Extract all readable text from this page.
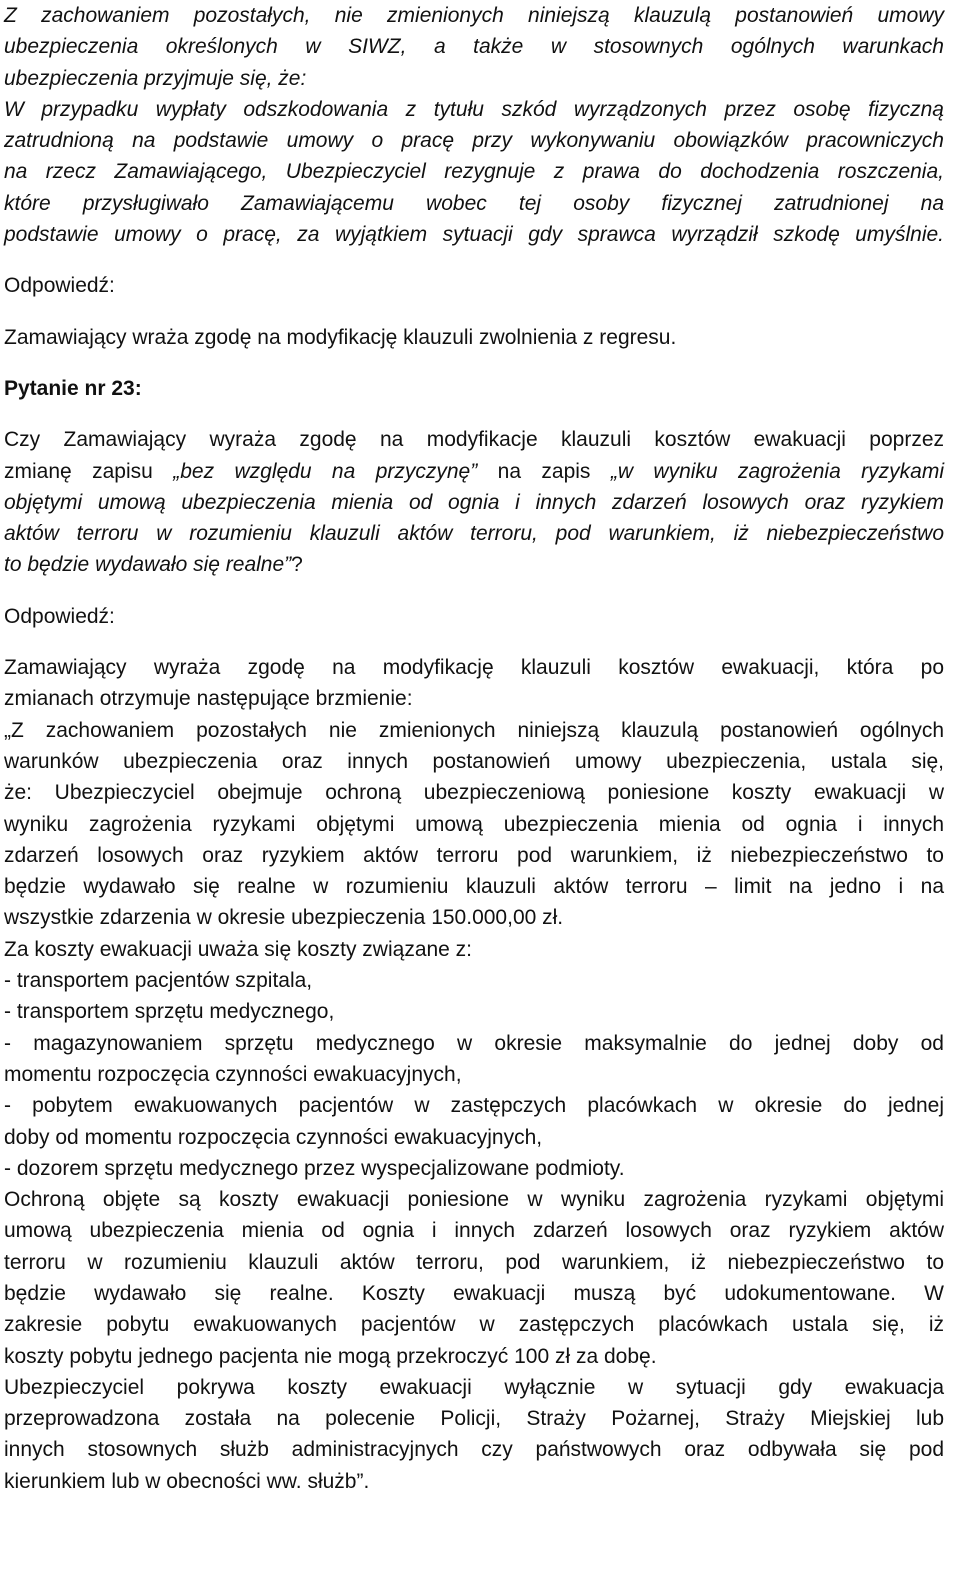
Z zachowaniem pozostałych, nie zmienionych niniejszą klauzulą postanowień umowy
ubezpieczenia określonych w SIWZ, a także w stosownych ogólnych warunkach
ubezpieczenia przyjmuje się, że:
W przypadku wypłaty odszkodowania z tytułu szkód wyrządzonych przez osobę fizyczną
zatrudnioną na podstawie umowy o pracę przy wykonywaniu obowiązków pracowniczych
na rzecz Zamawiającego, Ubezpieczyciel rezygnuje z prawa do dochodzenia roszczenia,
które przysługiwało Zamawiającemu wobec tej osoby fizycznej zatrudnionej na
podstawie umowy o pracę, za wyjątkiem sytuacji gdy sprawca wyrządził szkodę umyślnie.
Odpowiedź:
Zamawiający wraża zgodę na modyfikację klauzuli zwolnienia z regresu.
Pytanie nr 23:
Czy Zamawiający wyraża zgodę na modyfikacje klauzuli kosztów ewakuacji poprzez
zmianę zapisu „bez względu na przyczynę” na zapis „w wyniku zagrożenia ryzykami
objętymi umową ubezpieczenia mienia od ognia i innych zdarzeń losowych oraz ryzykiem
aktów terroru w rozumieniu klauzuli aktów terroru, pod warunkiem, iż niebezpieczeństwo
to będzie wydawało się realne”?
Odpowiedź:
Zamawiający wyraża zgodę na modyfikację klauzuli kosztów ewakuacji, która po
zmianach otrzymuje następujące brzmienie:
„Z zachowaniem pozostałych nie zmienionych niniejszą klauzulą postanowień ogólnych
warunków ubezpieczenia oraz innych postanowień umowy ubezpieczenia, ustala się,
że: Ubezpieczyciel obejmuje ochroną ubezpieczeniową poniesione koszty ewakuacji w
wyniku zagrożenia ryzykami objętymi umową ubezpieczenia mienia od ognia i innych
zdarzeń losowych oraz ryzykiem aktów terroru pod warunkiem, iż niebezpieczeństwo to
będzie wydawało się realne w rozumieniu klauzuli aktów terroru – limit na jedno i na
wszystkie zdarzenia w okresie ubezpieczenia 150.000,00 zł.
Za koszty ewakuacji uważa się koszty związane z:
- transportem pacjentów szpitala,
- transportem sprzętu medycznego,
- magazynowaniem sprzętu medycznego w okresie maksymalnie do jednej doby od
momentu rozpoczęcia czynności ewakuacyjnych,
- pobytem ewakuowanych pacjentów w zastępczych placówkach w okresie do jednej
doby od momentu rozpoczęcia czynności ewakuacyjnych,
- dozorem sprzętu medycznego przez wyspecjalizowane podmioty.
Ochroną objęte są koszty ewakuacji poniesione w wyniku zagrożenia ryzykami objętymi
umową ubezpieczenia mienia od ognia i innych zdarzeń losowych oraz ryzykiem aktów
terroru w rozumieniu klauzuli aktów terroru, pod warunkiem, iż niebezpieczeństwo to
będzie wydawało się realne. Koszty ewakuacji muszą być udokumentowane. W
zakresie pobytu ewakuowanych pacjentów w zastępczych placówkach ustala się, iż
koszty pobytu jednego pacjenta nie mogą przekroczyć 100 zł za dobę.
Ubezpieczyciel pokrywa koszty ewakuacji wyłącznie w sytuacji gdy ewakuacja
przeprowadzona została na polecenie Policji, Straży Pożarnej, Straży Miejskiej lub
innych stosownych służb administracyjnych czy państwowych oraz odbywała się pod
kierunkiem lub w obecności ww. służb”.
